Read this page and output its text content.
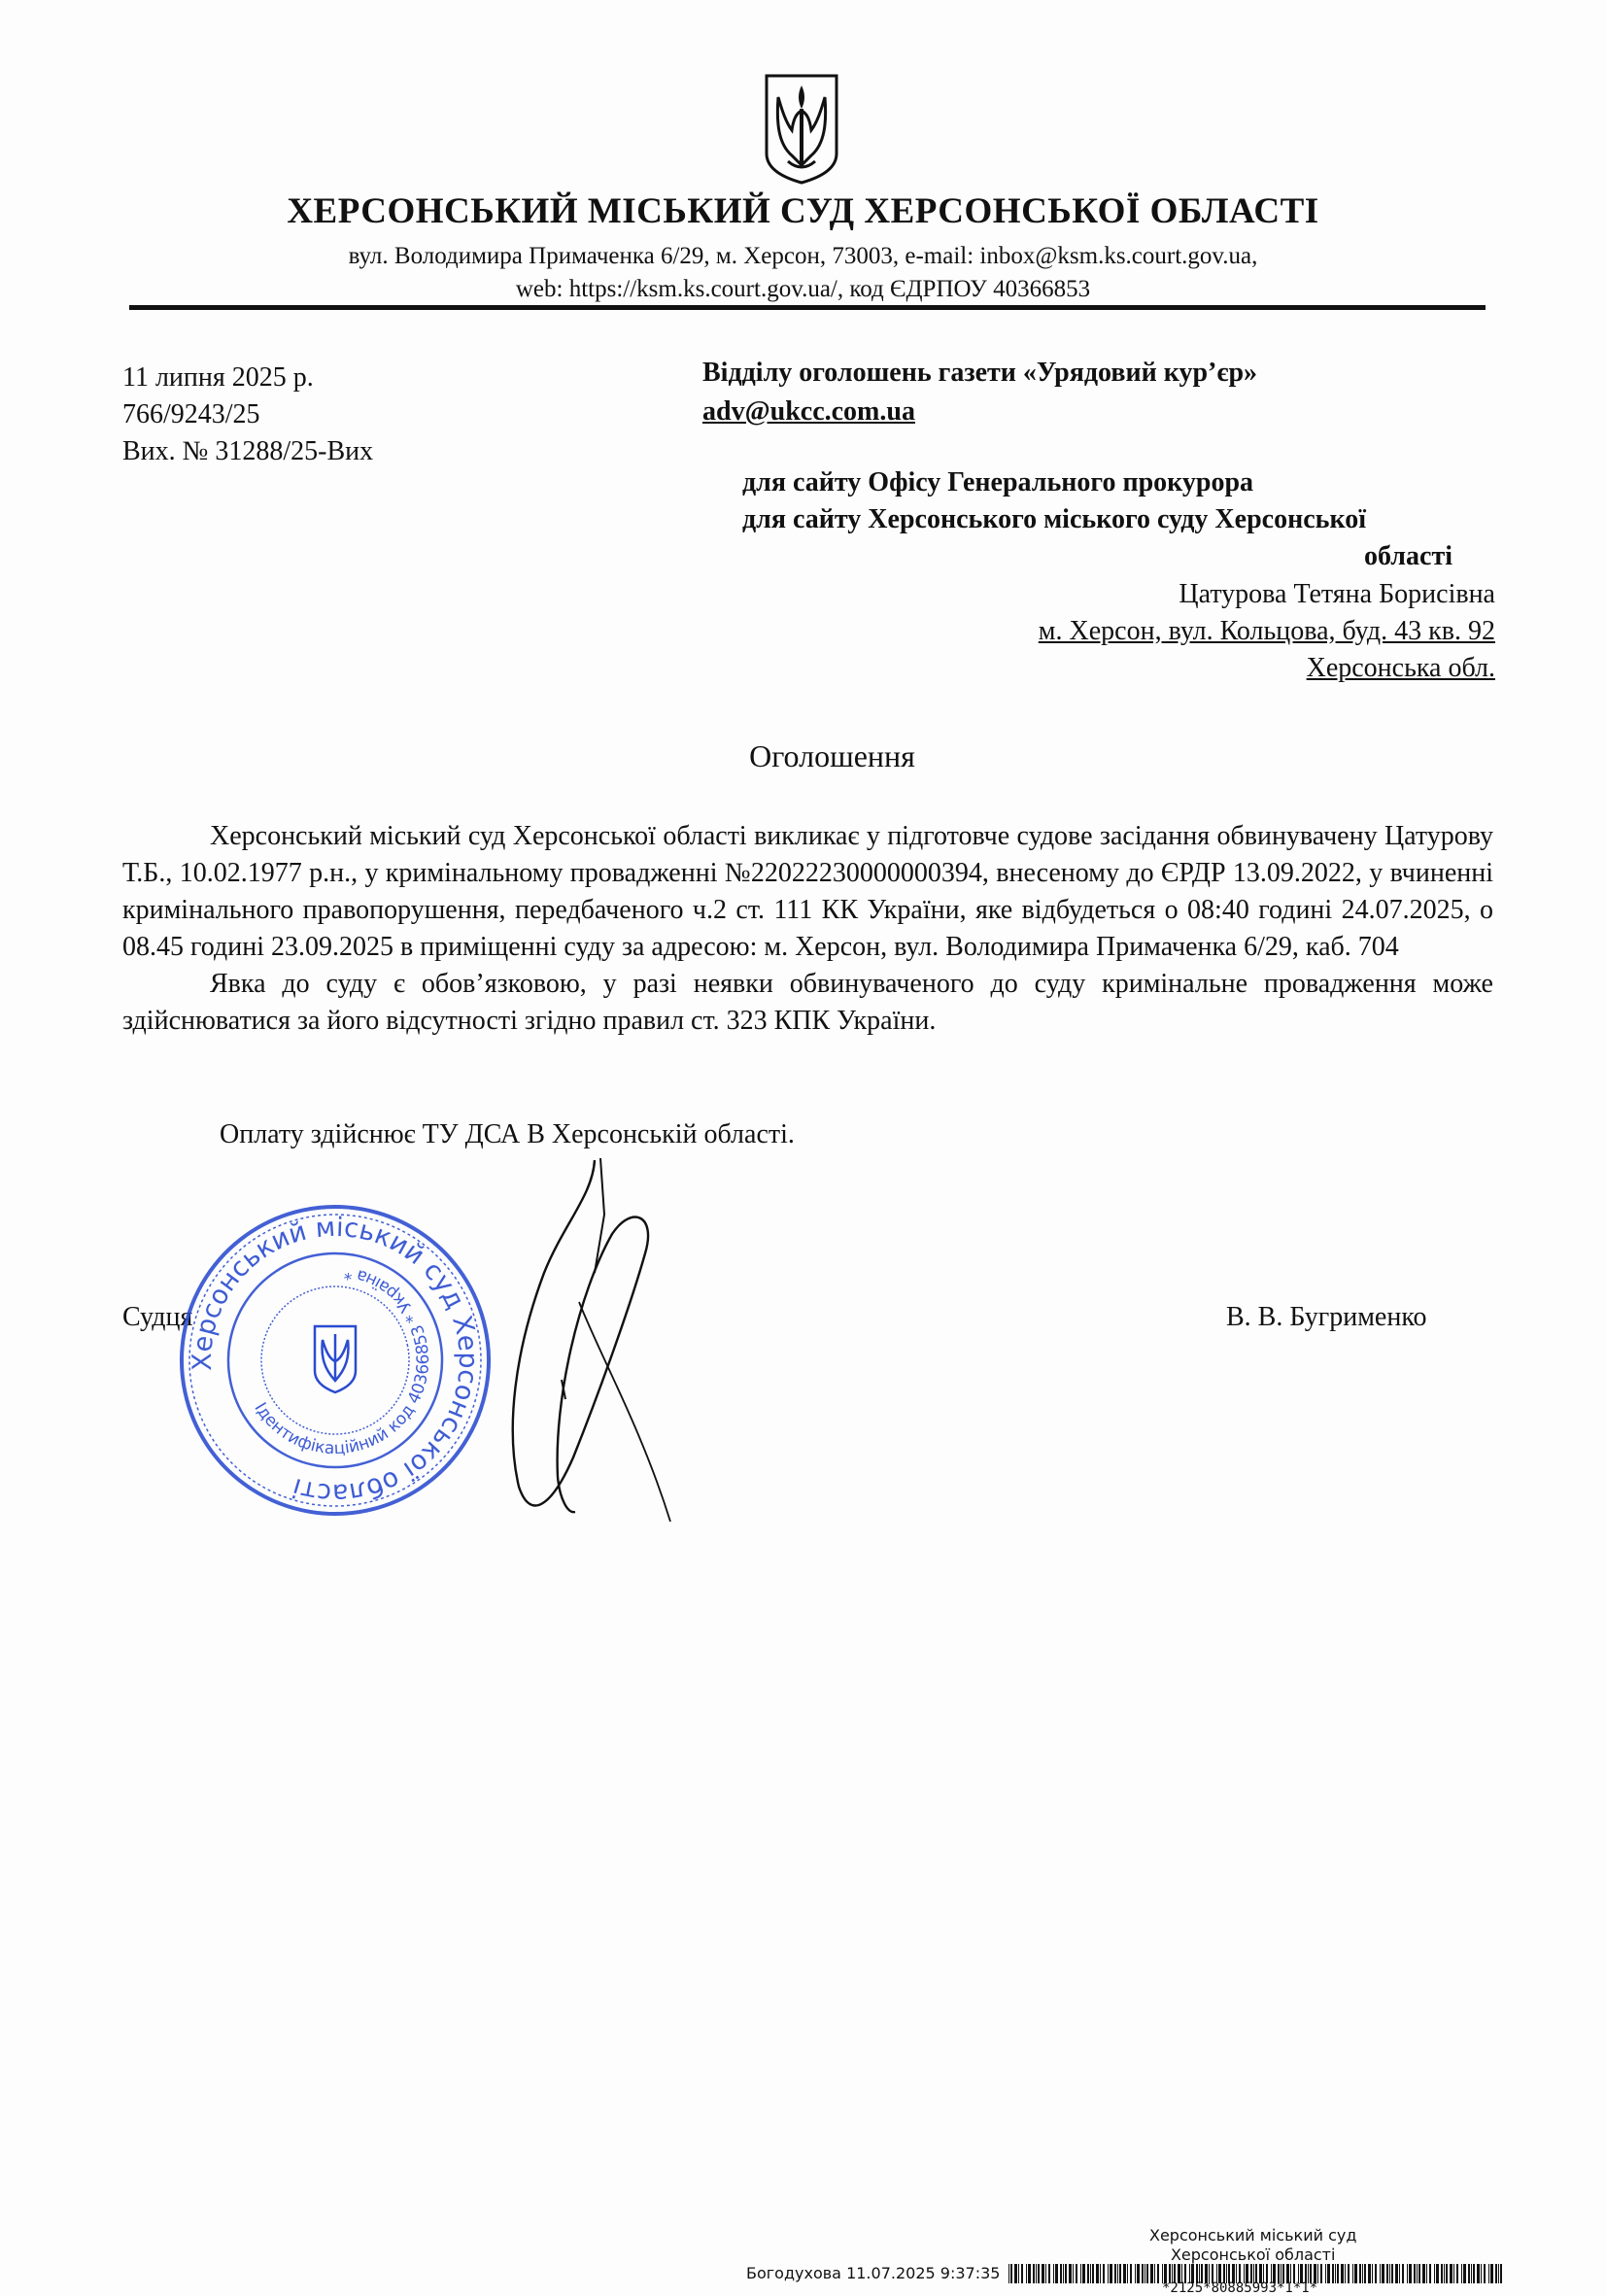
ХЕРСОНСЬКИЙ МІСЬКИЙ СУД ХЕРСОНСЬКОЇ ОБЛАСТІ
вул. Володимира Примаченка 6/29, м. Херсон, 73003, e-mail: inbox@ksm.ks.court.gov.ua,
web: https://ksm.ks.court.gov.ua/, код ЄДРПОУ 40366853
11 липня 2025 р.
766/9243/25
Вих. № 31288/25-Вих
Відділу оголошень газети «Урядовий кур’єр»
adv@ukcc.com.ua
для сайту Офісу Генерального прокурора
для сайту Херсонського міського суду Херсонської
області
Цатурова Тетяна Борисівна
м. Херсон, вул. Кольцова, буд. 43 кв. 92
Херсонська обл.
Оголошення

Херсонський міський суд Херсонської області викликає у підготовче судове засідання обвинувачену Цатурову Т.Б., 10.02.1977 р.н., у кримінальному провадженні №22022230000000394, внесеному до ЄРДР 13.09.2022, у вчиненні кримінального правопорушення, передбаченого ч.2 ст. 111 КК України, яке відбудеться о 08:40 годині 24.07.2025, о 08.45 годині 23.09.2025 в приміщенні суду за адресою: м. Херсон, вул. Володимира Примаченка 6/29, каб. 704

Явка до суду є обов’язковою, у разі неявки обвинуваченого до суду кримінальне провадження може здійснюватися за його відсутності згідно правил ст. 323 КПК України.

Оплату здійснює ТУ ДСА В Херсонській області.
Судця	В. В. Бугрименко
Херсонський міський суд Херсонської області
Ідентифікаційний код 40366853 * Україна *
Херсонський міський суд
Херсонської області
Богодухова 11.07.2025 9:37:35
*2125*80885993*1*1*
